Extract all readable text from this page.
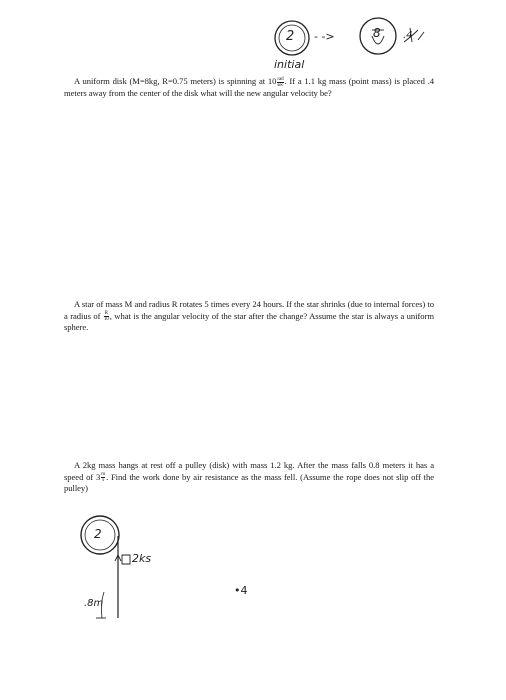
2 - ->	8 .4
initial
A uniform disk (M=8kg, R=0.75 meters) is spinning at $10 \frac{\text{rad}}{\sec}$ . If a 1.1 kg mass (point mass) is placed .4 meters away from the center of the disk what will the new angular velocity be?
A star of mass M and radius R rotates 5 times every 24 hours. If the star shrinks (due to internal forces) to a radius of $\frac{R}{10}$ , what is the angular velocity of the star after the change? Assume the star is always a uniform sphere.
A 2kg mass hangs at rest off a pulley (disk) with mass 1.2 kg. After the mass falls 0.8 meters it has a speed of $3 \frac{m}{s}$ . Find the work done by air resistance as the mass fell. (Assume the rope does not slip off the pulley)
2
2ks
.8m
•4
